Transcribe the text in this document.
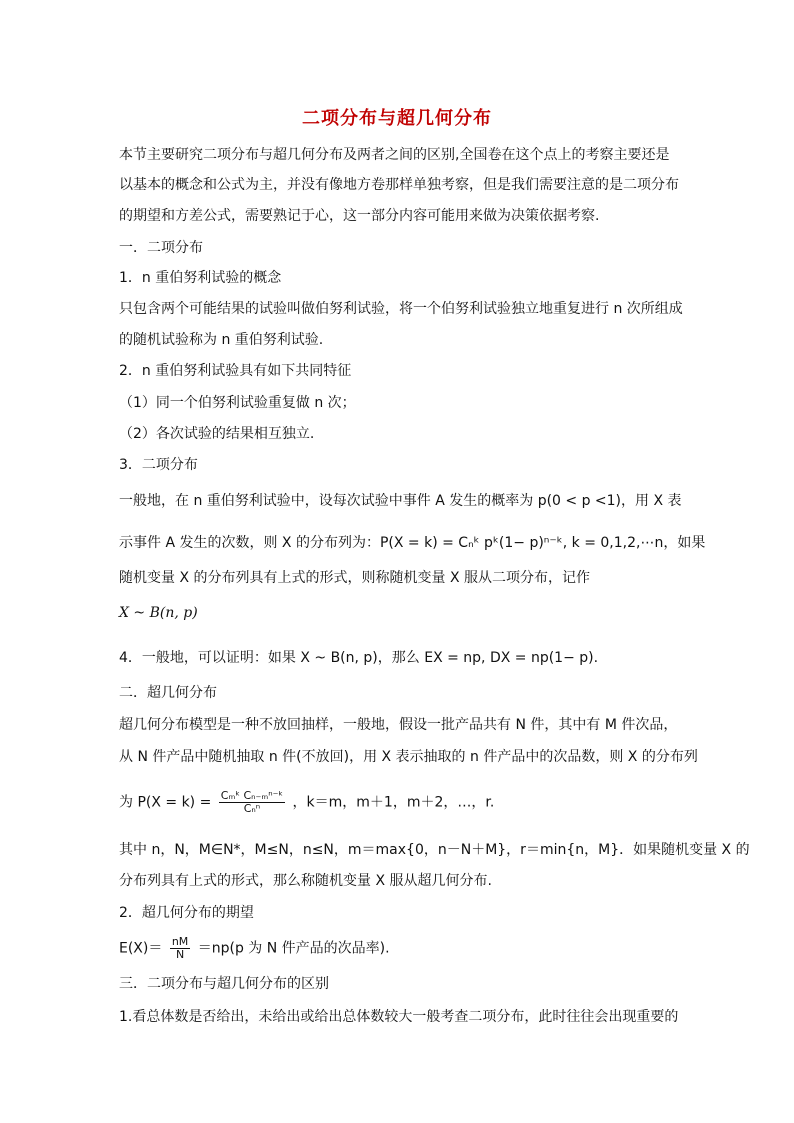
二项分布与超几何分布
本节主要研究二项分布与超几何分布及两者之间的区别,全国卷在这个点上的考察主要还是
以基本的概念和公式为主，并没有像地方卷那样单独考察，但是我们需要注意的是二项分布
的期望和方差公式，需要熟记于心，这一部分内容可能用来做为决策依据考察.
一．二项分布
1．n 重伯努利试验的概念
只包含两个可能结果的试验叫做伯努利试验，将一个伯努利试验独立地重复进行 n 次所组成
的随机试验称为 n 重伯努利试验.
2．n 重伯努利试验具有如下共同特征
（1）同一个伯努利试验重复做 n 次；
（2）各次试验的结果相互独立.
3．二项分布
一般地，在 n 重伯努利试验中，设每次试验中事件 A 发生的概率为 p(0 < p <1)，用 X 表
示事件 A 发生的次数，则 X 的分布列为：P(X = k) = Cₙᵏ pᵏ(1− p)ⁿ⁻ᵏ, k = 0,1,2,⋯n，如果
随机变量 X 的分布列具有上式的形式，则称随机变量 X 服从二项分布，记作
X ~ B(n, p)
4．一般地，可以证明：如果 X ~ B(n, p)，那么 EX = np, DX = np(1− p).
二．超几何分布
超几何分布模型是一种不放回抽样，一般地，假设一批产品共有 N 件，其中有 M 件次品，
从 N 件产品中随机抽取 n 件(不放回)，用 X 表示抽取的 n 件产品中的次品数，则 X 的分布列
为 $P(X = k) = \frac{\text{Cₘᵏ Cₙ₋ₘⁿ⁻ᵏ}}{\text{Cₙⁿ}}$ ，k＝m，m＋1，m＋2，…，r.
其中 n，N，M∈N*，M≤N，n≤N，m＝max{0，n－N＋M}，r＝min{n，M}．如果随机变量 X 的
分布列具有上式的形式，那么称随机变量 X 服从超几何分布.
2．超几何分布的期望
$E(X)= \frac{nM}{N} =np(p$ 为 N 件产品的次品率).
三．二项分布与超几何分布的区别
1.看总体数是否给出，未给出或给出总体数较大一般考查二项分布，此时往往会出现重要的
